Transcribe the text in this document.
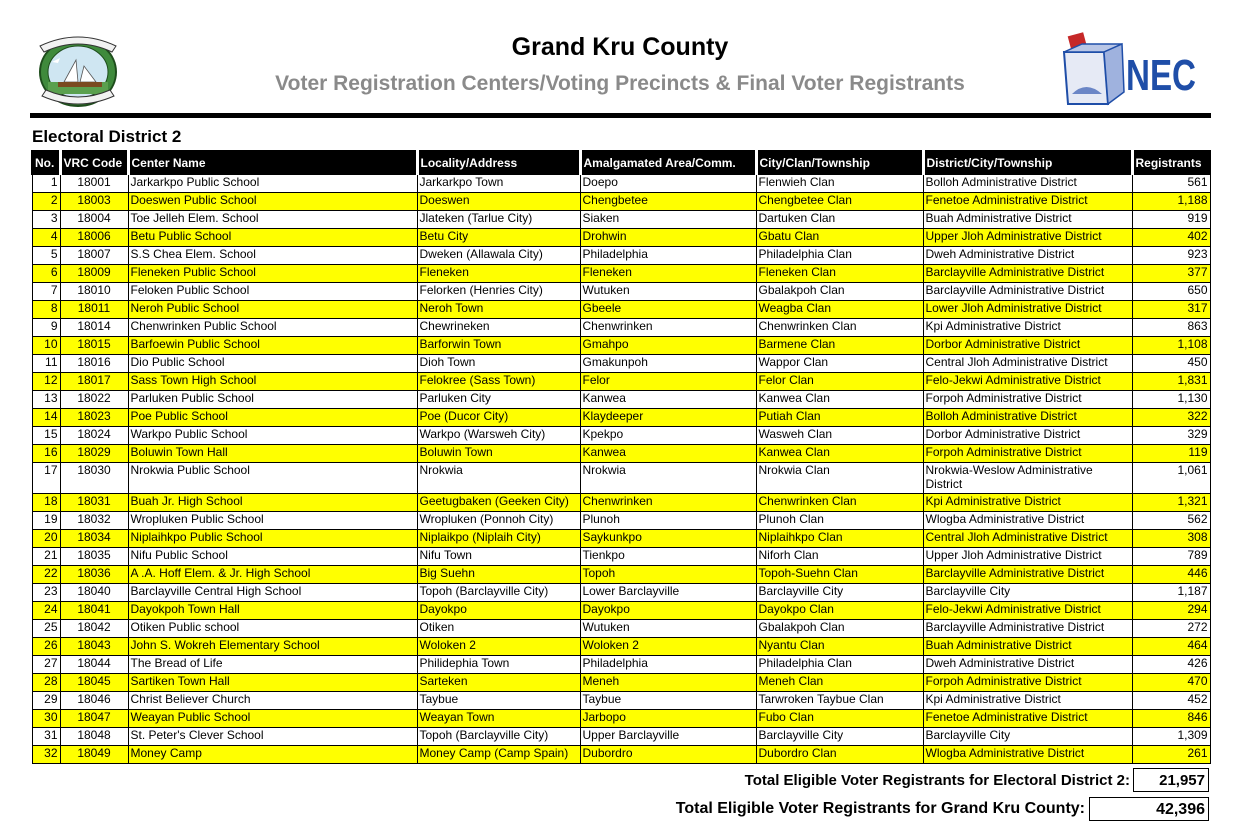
Grand Kru County
Voter Registration Centers/Voting Precincts & Final Voter Registrants	NEC
Electoral District 2
No.	VRC Code	Center Name	Locality/Address	Amalgamated Area/Comm.	City/Clan/Township	District/City/Township	Registrants
1	18001	Jarkarkpo Public School	Jarkarkpo Town	Doepo	Flenwieh Clan	Bolloh Administrative District	561
2	18003	Doeswen Public School	Doeswen	Chengbetee	Chengbetee Clan	Fenetoe Administrative District	1,188
3	18004	Toe Jelleh Elem. School	Jlateken (Tarlue City)	Siaken	Dartuken Clan	Buah Administrative District	919
4	18006	Betu Public School	Betu City	Drohwin	Gbatu Clan	Upper Jloh Administrative District	402
5	18007	S.S Chea Elem. School	Dweken (Allawala City)	Philadelphia	Philadelphia Clan	Dweh Administrative District	923
6	18009	Fleneken Public School	Fleneken	Fleneken	Fleneken Clan	Barclayville Administrative District	377
7	18010	Feloken Public School	Felorken (Henries City)	Wutuken	Gbalakpoh Clan	Barclayville Administrative District	650
8	18011	Neroh Public School	Neroh Town	Gbeele	Weagba Clan	Lower Jloh Administrative District	317
9	18014	Chenwrinken Public School	Chewrineken	Chenwrinken	Chenwrinken Clan	Kpi Administrative District	863
10	18015	Barfoewin Public School	Barforwin Town	Gmahpo	Barmene Clan	Dorbor Administrative District	1,108
11	18016	Dio Public School	Dioh Town	Gmakunpoh	Wappor Clan	Central Jloh Administrative District	450
12	18017	Sass Town High School	Felokree (Sass Town)	Felor	Felor Clan	Felo-Jekwi Administrative District	1,831
13	18022	Parluken Public School	Parluken City	Kanwea	Kanwea Clan	Forpoh Administrative District	1,130
14	18023	Poe Public School	Poe (Ducor City)	Klaydeeper	Putiah Clan	Bolloh Administrative District	322
15	18024	Warkpo Public School	Warkpo (Warsweh City)	Kpekpo	Wasweh Clan	Dorbor Administrative District	329
16	18029	Boluwin Town Hall	Boluwin Town	Kanwea	Kanwea Clan	Forpoh Administrative District	119
17	18030	Nrokwia Public School	Nrokwia	Nrokwia	Nrokwia Clan	Nrokwia-Weslow Administrative District	1,061
18	18031	Buah Jr. High School	Geetugbaken (Geeken City)	Chenwrinken	Chenwrinken Clan	Kpi Administrative District	1,321
19	18032	Wropluken Public School	Wropluken (Ponnoh City)	Plunoh	Plunoh Clan	Wlogba Administrative District	562
20	18034	Niplaihkpo Public School	Niplaikpo (Niplaih City)	Saykunkpo	Niplaihkpo Clan	Central Jloh Administrative District	308
21	18035	Nifu Public School	Nifu Town	Tienkpo	Niforh Clan	Upper Jloh Administrative District	789
22	18036	A .A. Hoff Elem. & Jr. High School	Big Suehn	Topoh	Topoh-Suehn Clan	Barclayville Administrative District	446
23	18040	Barclayville Central High School	Topoh (Barclayville City)	Lower Barclayville	Barclayville City	Barclayville City	1,187
24	18041	Dayokpoh Town Hall	Dayokpo	Dayokpo	Dayokpo Clan	Felo-Jekwi Administrative District	294
25	18042	Otiken Public school	Otiken	Wutuken	Gbalakpoh Clan	Barclayville Administrative District	272
26	18043	John S. Wokreh Elementary School	Woloken 2	Woloken 2	Nyantu Clan	Buah Administrative District	464
27	18044	The Bread of Life	Philidephia Town	Philadelphia	Philadelphia Clan	Dweh Administrative District	426
28	18045	Sartiken Town Hall	Sarteken	Meneh	Meneh Clan	Forpoh Administrative District	470
29	18046	Christ Believer Church	Taybue	Taybue	Tarwroken Taybue Clan	Kpi Administrative District	452
30	18047	Weayan Public School	Weayan Town	Jarbopo	Fubo Clan	Fenetoe Administrative District	846
31	18048	St. Peter's Clever School	Topoh (Barclayville City)	Upper Barclayville	Barclayville City	Barclayville City	1,309
32	18049	Money Camp	Money Camp (Camp Spain)	Dubordro	Dubordro Clan	Wlogba Administrative District	261
Total Eligible Voter Registrants for Electoral District 2:	21,957
Total Eligible Voter Registrants for Grand Kru County:	42,396
